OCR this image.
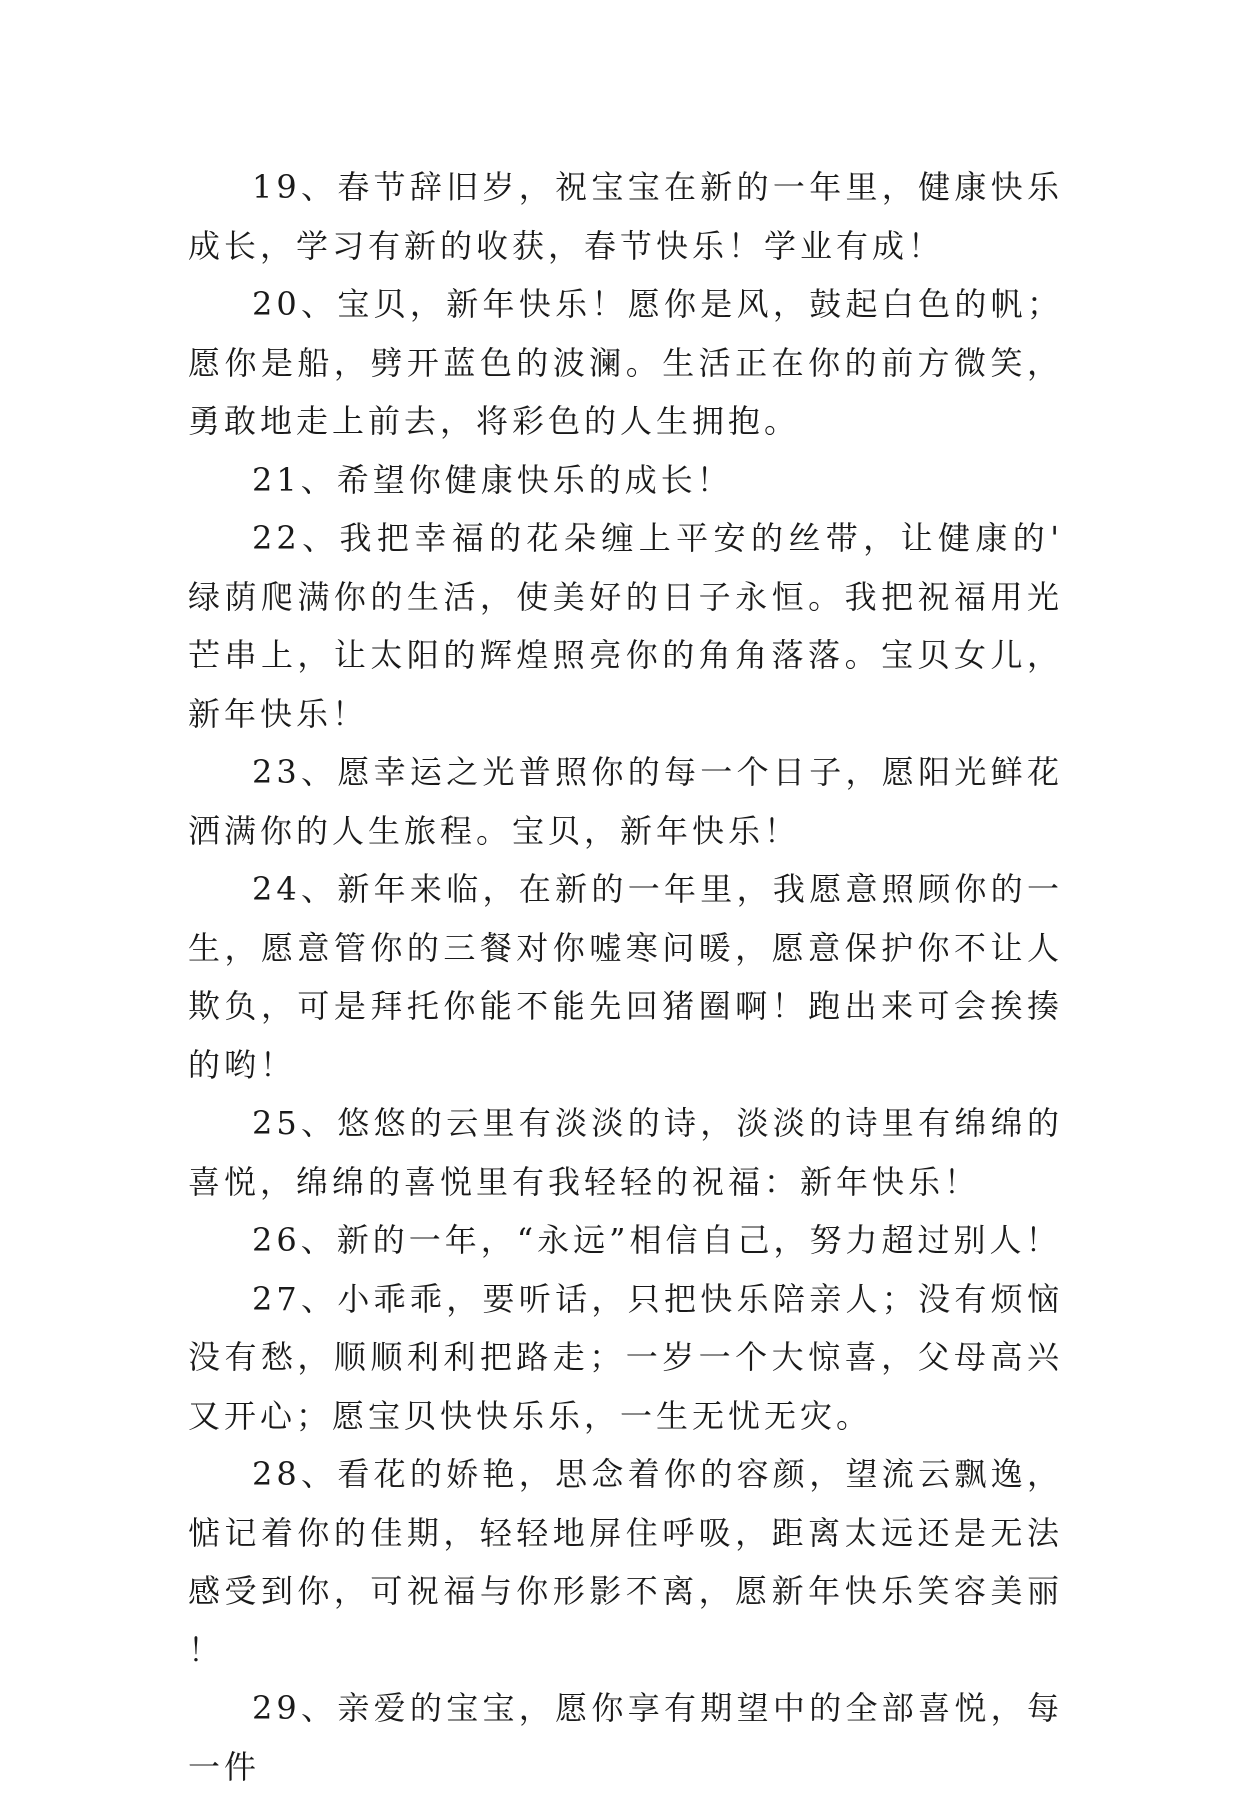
19、春节辞旧岁，祝宝宝在新的一年里，健康快乐成长，学习有新的收获，春节快乐！学业有成！

20、宝贝，新年快乐！愿你是风，鼓起白色的帆；愿你是船，劈开蓝色的波澜。生活正在你的前方微笑，勇敢地走上前去，将彩色的人生拥抱。

21、希望你健康快乐的成长！

22、我把幸福的花朵缠上平安的丝带，让健康的'绿荫爬满你的生活，使美好的日子永恒。我把祝福用光芒串上，让太阳的辉煌照亮你的角角落落。宝贝女儿，新年快乐！

23、愿幸运之光普照你的每一个日子，愿阳光鲜花洒满你的人生旅程。宝贝，新年快乐！

24、新年来临，在新的一年里，我愿意照顾你的一生，愿意管你的三餐对你嘘寒问暖，愿意保护你不让人欺负，可是拜托你能不能先回猪圈啊！跑出来可会挨揍的哟！

25、悠悠的云里有淡淡的诗，淡淡的诗里有绵绵的喜悦，绵绵的喜悦里有我轻轻的祝福：新年快乐！

26、新的一年，“永远”相信自己，努力超过别人！

27、小乖乖，要听话，只把快乐陪亲人；没有烦恼没有愁，顺顺利利把路走；一岁一个大惊喜，父母高兴又开心；愿宝贝快快乐乐，一生无忧无灾。

28、看花的娇艳，思念着你的容颜，望流云飘逸，惦记着你的佳期，轻轻地屏住呼吸，距离太远还是无法感受到你，可祝福与你形影不离，愿新年快乐笑容美丽！

29、亲爱的宝宝，愿你享有期望中的全部喜悦，每一件
